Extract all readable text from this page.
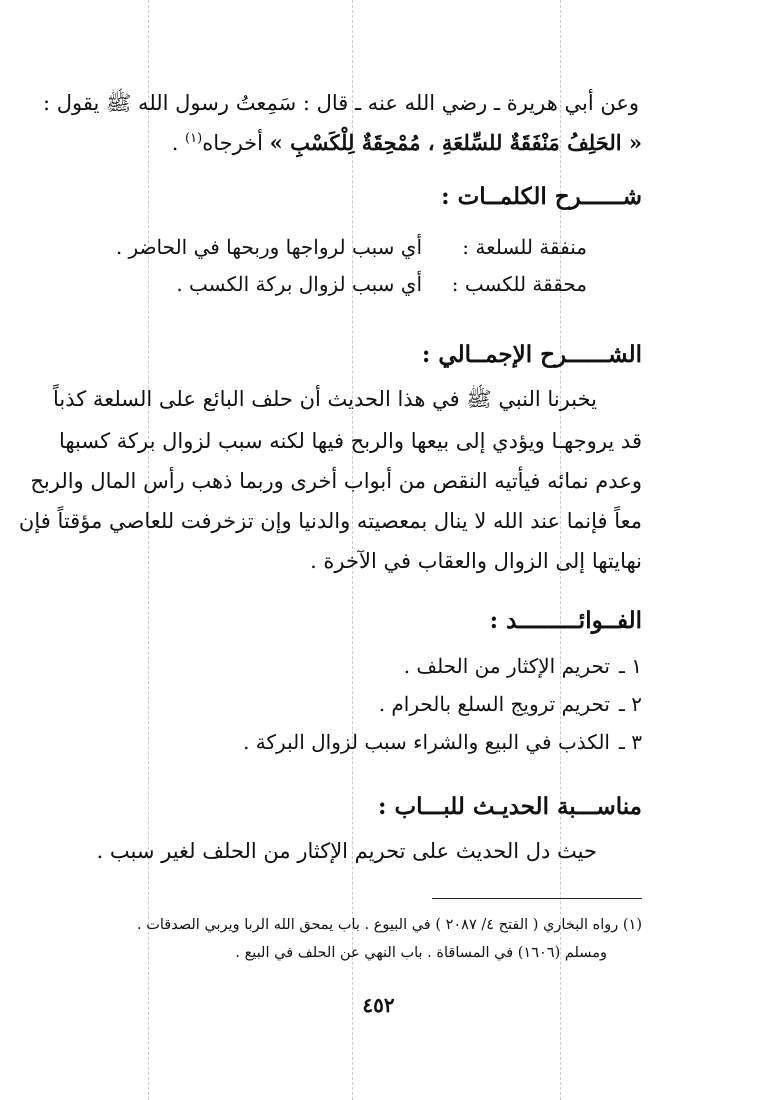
وعن أبي هريرة ـ رضي الله عنه ـ قال : سَمِعتُ رسول الله ﷺ يقول :
« الحَلِفُ مَنْفَقَةٌ للسِّلعَةِ ، مُمْحِقَةٌ لِلْكَسْبِ » أخرجاه$^{(١)}$ .
شــــــرح الكلمــات :
منفقة للسلعة :
أي سبب لرواجها وربحها في الحاضر .
محققة للكسب :
أي سبب لزوال بركة الكسب .
الشــــــرح الإجمــالي :
يخبرنا النبي ﷺ في هذا الحديث أن حلف البائع على السلعة كذباً
قد يروجهـا ويؤدي إلى بيعها والربح فيها لكنه سبب لزوال بركة كسبها
وعدم نمائه فيأتيه النقص من أبواب أخرى وربما ذهب رأس المال والربح
معاً فإنما عند الله لا ينال بمعصيته والدنيا وإن تزخرفت للعاصي مؤقتاً فإن
نهايتها إلى الزوال والعقاب في الآخرة .
الفــوائـــــــــد :
١ ـتحريم الإكثار من الحلف .
٢ ـتحريم ترويج السلع بالحرام .
٣ ـالكذب في البيع والشراء سبب لزوال البركة .
مناســـبة الحديـث للبـــاب :
حيث دل الحديث على تحريم الإكثار من الحلف لغير سبب .
(١) رواه البخاري ( الفتح ٤/ ٢٠٨٧ ) في البيوع . باب يمحق الله الربا ويربي الصدقات .
ومسلم (١٦٠٦) في المساقاة . باب النهي عن الحلف في البيع .
٤٥٢
